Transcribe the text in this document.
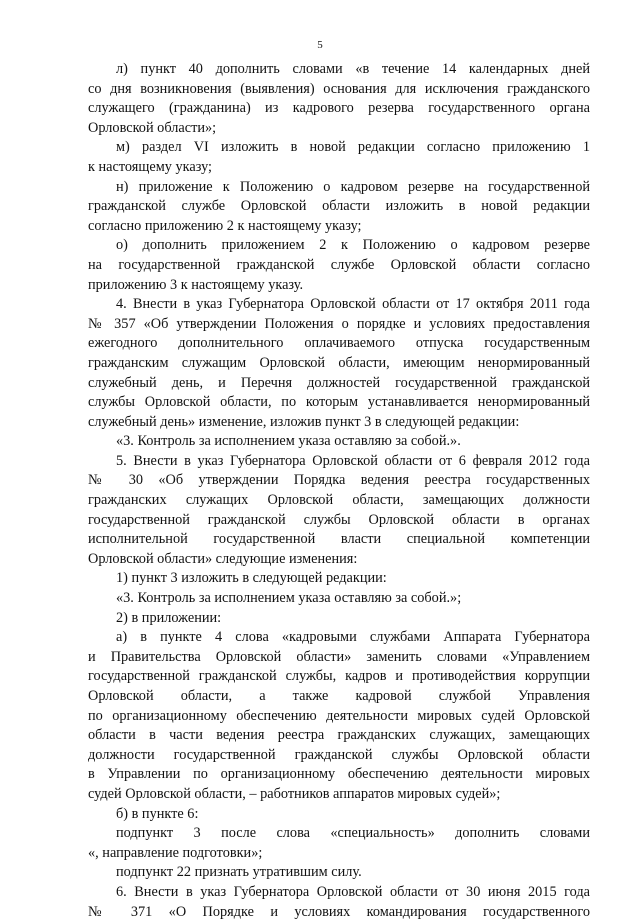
5
л) пункт 40 дополнить словами «в течение 14 календарных дней
со дня возникновения (выявления) основания для исключения гражданского
служащего (гражданина) из кадрового резерва государственного органа
Орловской области»;
м) раздел VI изложить в новой редакции согласно приложению 1
к настоящему указу;
н) приложение к Положению о кадровом резерве на государственной
гражданской службе Орловской области изложить в новой редакции
согласно приложению 2 к настоящему указу;
о) дополнить приложением 2 к Положению о кадровом резерве
на государственной гражданской службе Орловской области согласно
приложению 3 к настоящему указу.
4. Внести в указ Губернатора Орловской области от 17 октября 2011 года
№ 357 «Об утверждении Положения о порядке и условиях предоставления
ежегодного дополнительного оплачиваемого отпуска государственным
гражданским служащим Орловской области, имеющим ненормированный
служебный день, и Перечня должностей государственной гражданской
службы Орловской области, по которым устанавливается ненормированный
служебный день» изменение, изложив пункт 3 в следующей редакции:
«3. Контроль за исполнением указа оставляю за собой.».
5. Внести в указ Губернатора Орловской области от 6 февраля 2012 года
№ 30 «Об утверждении Порядка ведения реестра государственных
гражданских служащих Орловской области, замещающих должности
государственной гражданской службы Орловской области в органах
исполнительной государственной власти специальной компетенции
Орловской области» следующие изменения:
1) пункт 3 изложить в следующей редакции:
«3. Контроль за исполнением указа оставляю за собой.»;
2) в приложении:
а) в пункте 4 слова «кадровыми службами Аппарата Губернатора
и Правительства Орловской области» заменить словами «Управлением
государственной гражданской службы, кадров и противодействия коррупции
Орловской области, а также кадровой службой Управления
по организационному обеспечению деятельности мировых судей Орловской
области в части ведения реестра гражданских служащих, замещающих
должности государственной гражданской службы Орловской области
в Управлении по организационному обеспечению деятельности мировых
судей Орловской области, – работников аппаратов мировых судей»;
б) в пункте 6:
подпункт 3 после слова «специальность» дополнить словами
«, направление подготовки»;
подпункт 22 признать утратившим силу.
6. Внести в указ Губернатора Орловской области от 30 июня 2015 года
№ 371 «О Порядке и условиях командирования государственного
